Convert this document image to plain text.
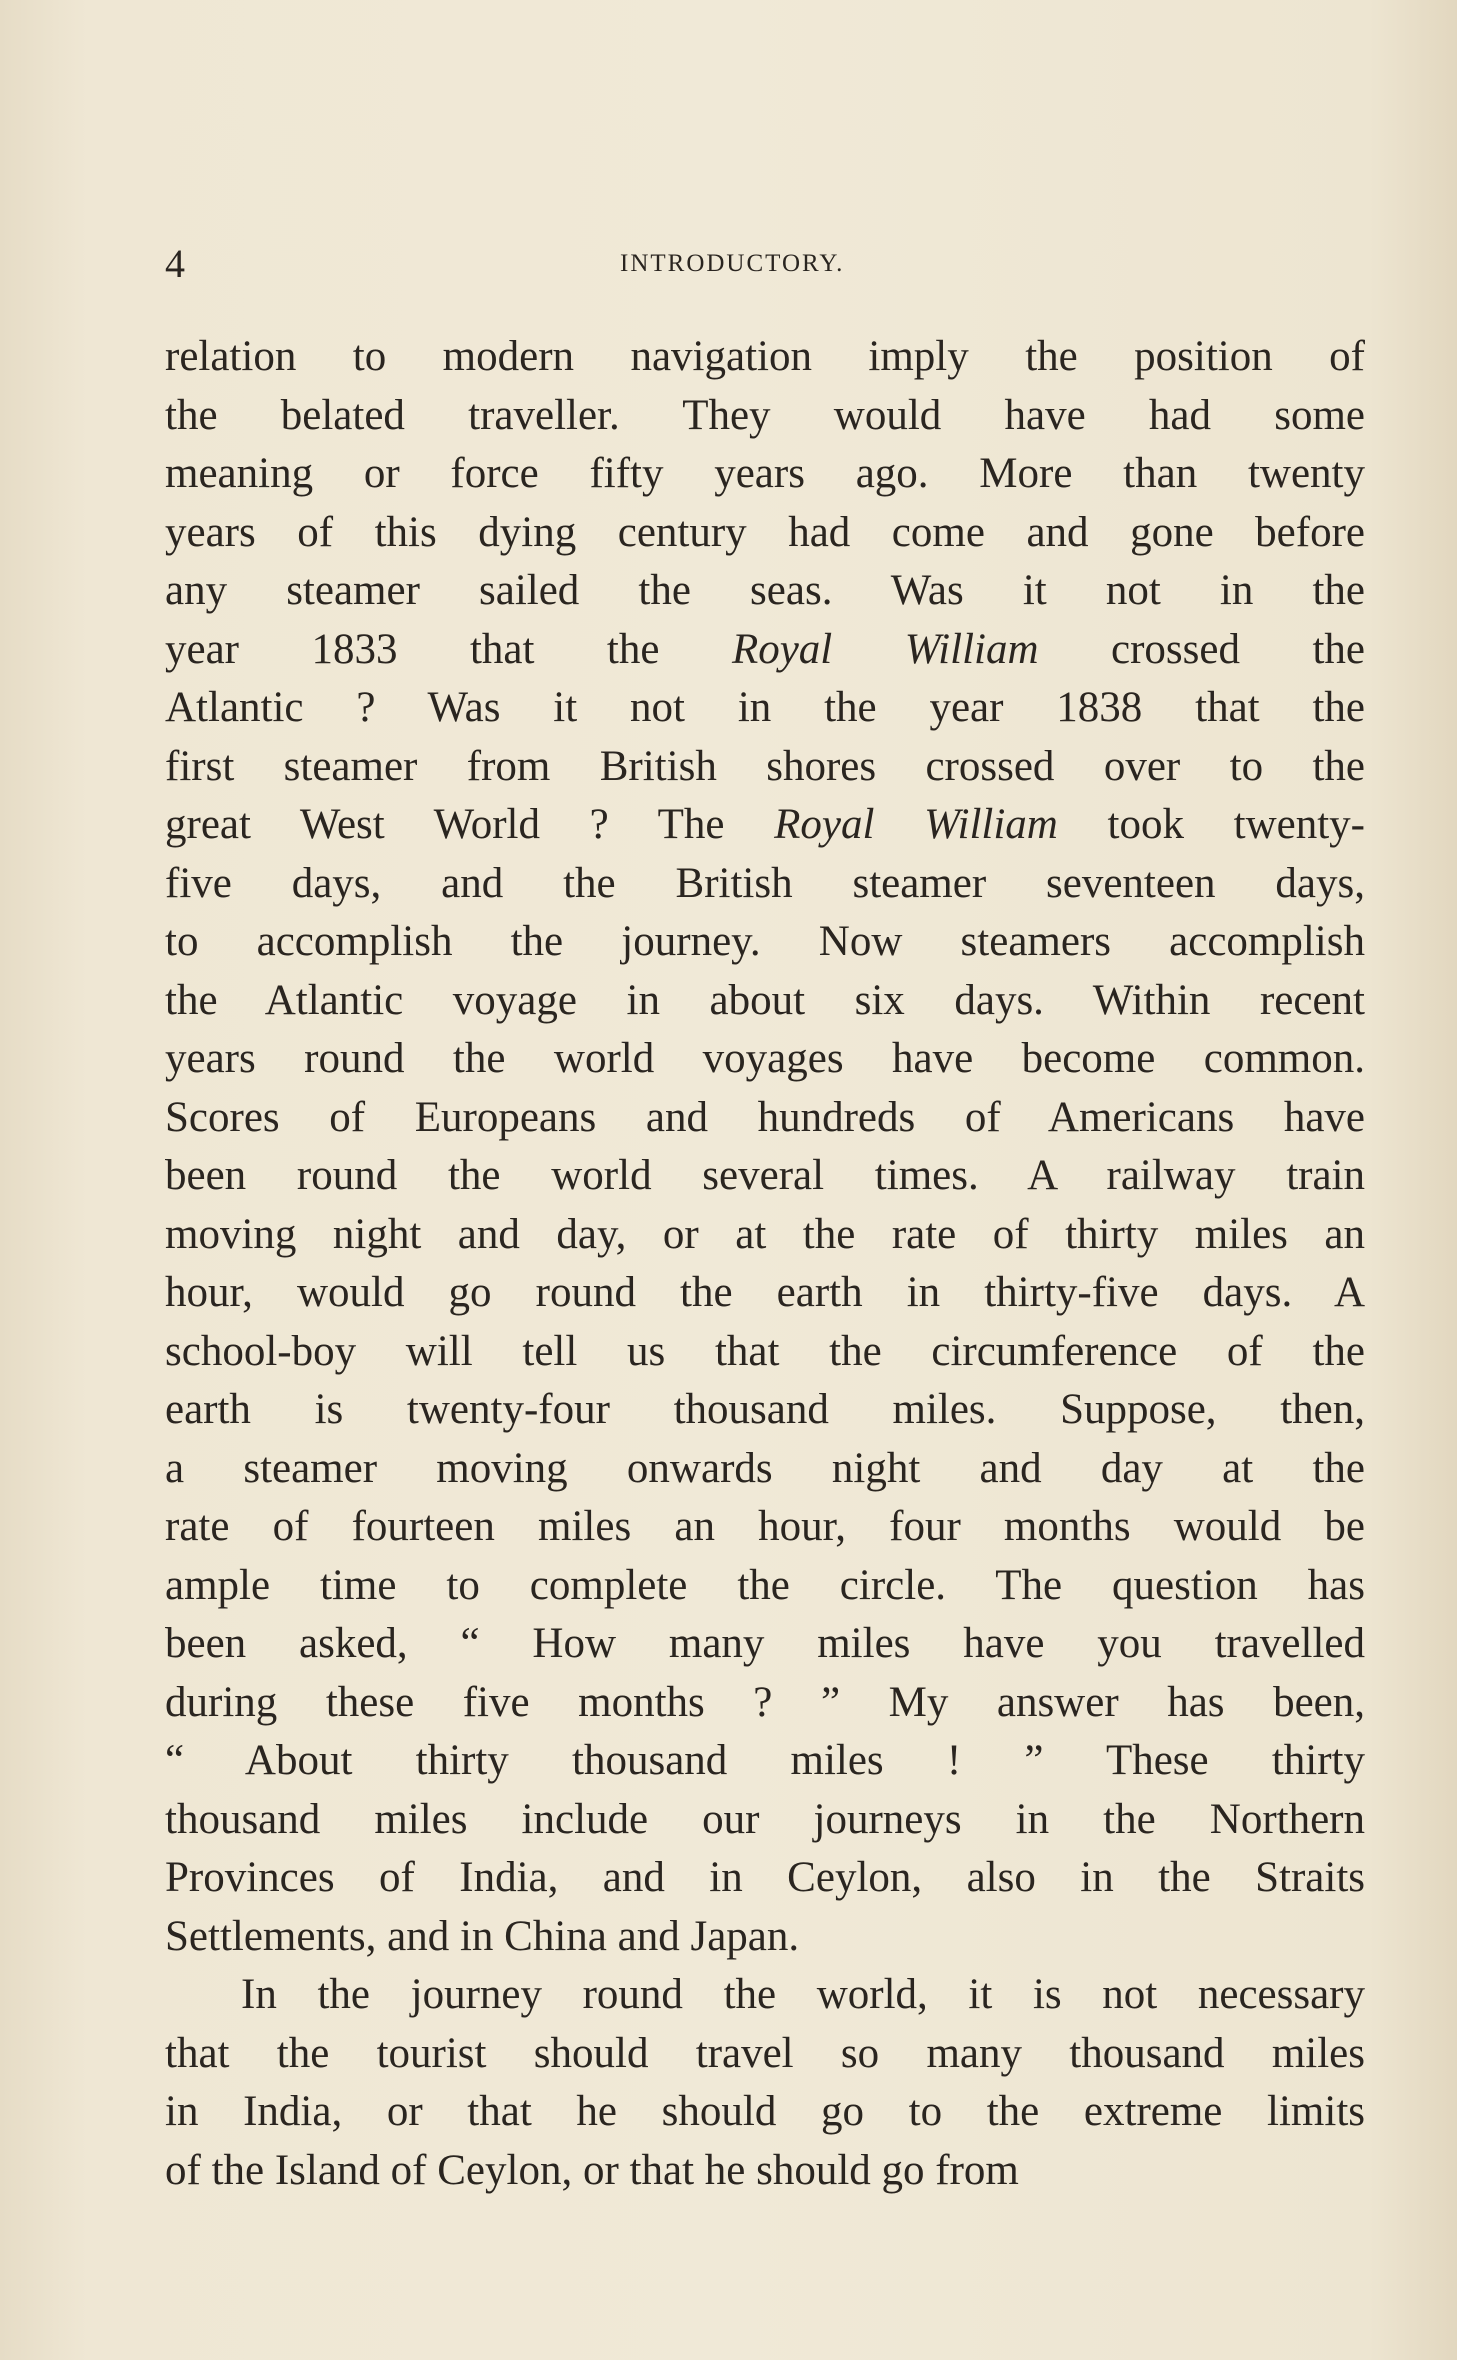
4	INTRODUCTORY.

relation to modern navigation imply the position of
the belated traveller. They would have had some
meaning or force fifty years ago. More than twenty
years of this dying century had come and gone before
any steamer sailed the seas. Was it not in the
year 1833 that the Royal William crossed the
Atlantic ? Was it not in the year 1838 that the
first steamer from British shores crossed over to the
great West World ? The Royal William took twenty-
five days, and the British steamer seventeen days,
to accomplish the journey. Now steamers accomplish
the Atlantic voyage in about six days. Within recent
years round the world voyages have become common.
Scores of Europeans and hundreds of Americans have
been round the world several times. A railway train
moving night and day, or at the rate of thirty miles an
hour, would go round the earth in thirty-five days. A
school-boy will tell us that the circumference of the
earth is twenty-four thousand miles. Suppose, then,
a steamer moving onwards night and day at the
rate of fourteen miles an hour, four months would be
ample time to complete the circle. The question has
been asked, “ How many miles have you travelled
during these five months ? ” My answer has been,
“ About thirty thousand miles ! ” These thirty
thousand miles include our journeys in the Northern
Provinces of India, and in Ceylon, also in the Straits
Settlements, and in China and Japan.

In the journey round the world, it is not necessary
that the tourist should travel so many thousand miles
in India, or that he should go to the extreme limits
of the Island of Ceylon, or that he should go from
